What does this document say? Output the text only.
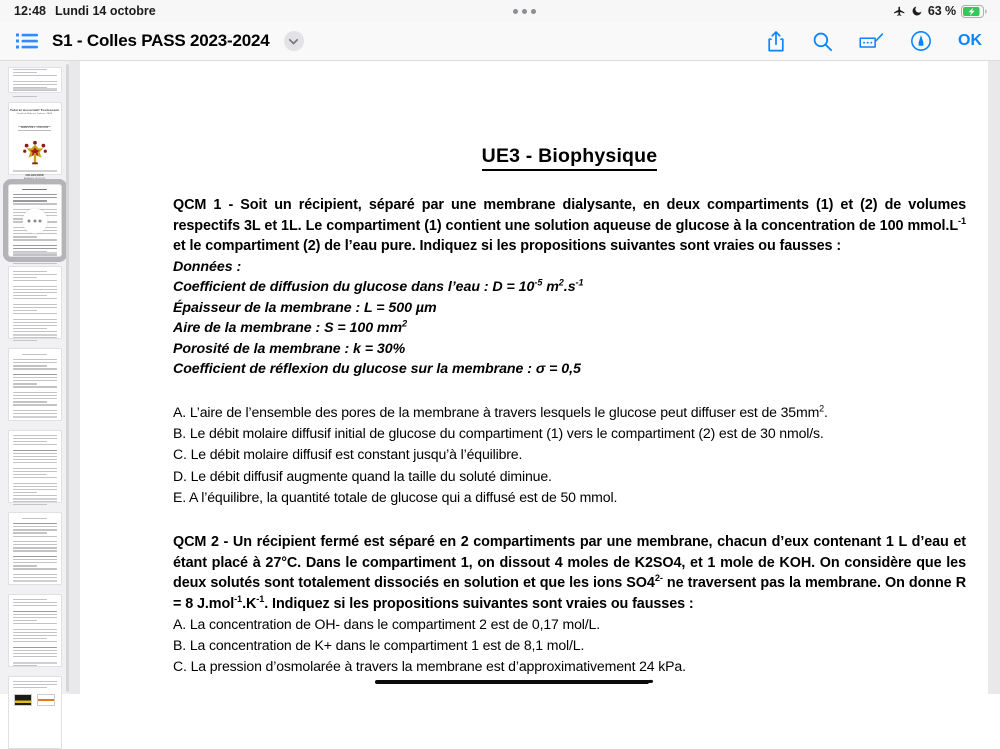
12:48 Lundi 14 octobre	63 %
S1 - Colles PASS 2023-2024	OK
Tutorat Associatif Toulousain
Faculté de Médecine Toulouse - PASS
SEMESTRE 1 - 2023-2024
COLLES PASS
ANNALES 2023-2024
UE3 - Biophysique

QCM 1 - Soit un récipient, séparé par une membrane dialysante, en deux compartiments (1) et (2) de volumes respectifs 3L et 1L. Le compartiment (1) contient une solution aqueuse de glucose à la concentration de 100 $mmol.L^{-1}$ et le compartiment (2) de l’eau pure. Indiquez si les propositions suivantes sont vraies ou fausses :

Données :
Coefficient de diffusion du glucose dans l’eau : $D = 10^{-5}$ $m^2.s^{-1}$
Épaisseur de la membrane : L = 500 µm
Aire de la membrane : S = 100 $mm^2$
Porosité de la membrane : k = 30%
Coefficient de réflexion du glucose sur la membrane : σ = 0,5
A. L’aire de l’ensemble des pores de la membrane à travers lesquels le glucose peut diffuser est de $35mm^2$.
B. Le débit molaire diffusif initial de glucose du compartiment (1) vers le compartiment (2) est de 30 nmol/s.
C. Le débit molaire diffusif est constant jusqu’à l’équilibre.
D. Le débit diffusif augmente quand la taille du soluté diminue.
E. A l’équilibre, la quantité totale de glucose qui a diffusé est de 50 mmol.

QCM 2 - Un récipient fermé est séparé en 2 compartiments par une membrane, chacun d’eux contenant 1 L d’eau et étant placé à 27°C. Dans le compartiment 1, on dissout 4 moles de K2SO4, et 1 mole de KOH. On considère que les deux solutés sont totalement dissociés en solution et que les ions $SO4^{2-}$ ne traversent pas la membrane. On donne R = 8 $J.mol^{-1}.K^{-1}$. Indiquez si les propositions suivantes sont vraies ou fausses :

A. La concentration de OH- dans le compartiment 2 est de 0,17 mol/L.
B. La concentration de K+ dans le compartiment 1 est de 8,1 mol/L.
C. La pression d’osmolarée à travers la membrane est d’approximativement 24 kPa.
